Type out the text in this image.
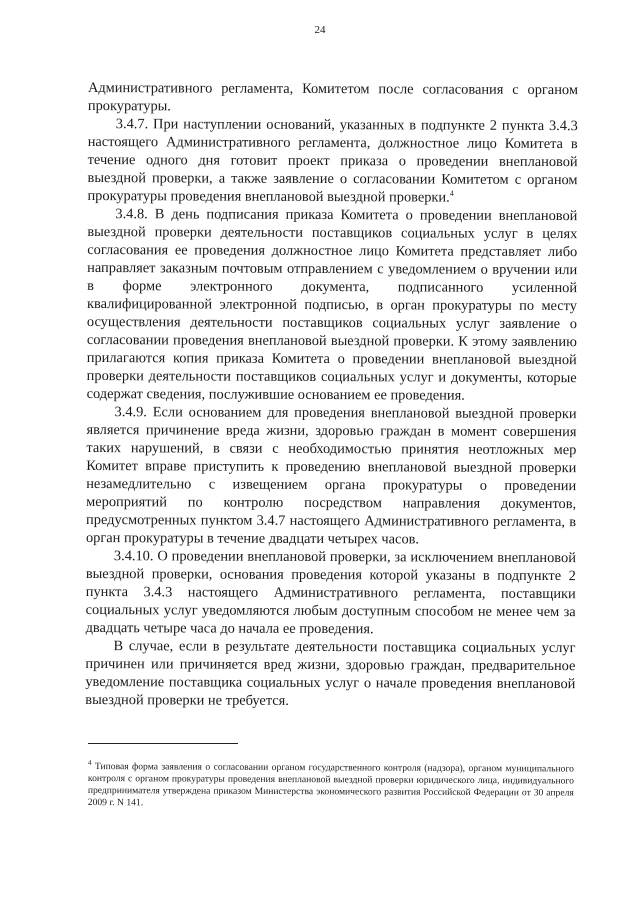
24

Административного регламента, Комитетом после согласования с органом прокуратуры.

3.4.7. При наступлении оснований, указанных в подпункте 2 пункта 3.4.3 настоящего Административного регламента, должностное лицо Комитета в течение одного дня готовит проект приказа о проведении внеплановой выездной проверки, а также заявление о согласовании Комитетом с органом прокуратуры проведения внеплановой выездной проверки.$^4$

3.4.8. В день подписания приказа Комитета о проведении внеплановой выездной проверки деятельности поставщиков социальных услуг в целях согласования ее проведения должностное лицо Комитета представляет либо направляет заказным почтовым отправлением с уведомлением о вручении или в форме электронного документа, подписанного усиленной квалифицированной электронной подписью, в орган прокуратуры по месту осуществления деятельности поставщиков социальных услуг заявление о согласовании проведения внеплановой выездной проверки. К этому заявлению прилагаются копия приказа Комитета о проведении внеплановой выездной проверки деятельности поставщиков социальных услуг и документы, которые содержат сведения, послужившие основанием ее проведения.

3.4.9. Если основанием для проведения внеплановой выездной проверки является причинение вреда жизни, здоровью граждан в момент совершения таких нарушений, в связи с необходимостью принятия неотложных мер Комитет вправе приступить к проведению внеплановой выездной проверки незамедлительно с извещением органа прокуратуры о проведении мероприятий по контролю посредством направления документов, предусмотренных пунктом 3.4.7 настоящего Административного регламента, в орган прокуратуры в течение двадцати четырех часов.

3.4.10. О проведении внеплановой проверки, за исключением внеплановой выездной проверки, основания проведения которой указаны в подпункте 2 пункта 3.4.3 настоящего Административного регламента, поставщики социальных услуг уведомляются любым доступным способом не менее чем за двадцать четыре часа до начала ее проведения.

В случае, если в результате деятельности поставщика социальных услуг причинен или причиняется вред жизни, здоровью граждан, предварительное уведомление поставщика социальных услуг о начале проведения внеплановой выездной проверки не требуется.

$^4$ Типовая форма заявления о согласовании органом государственного контроля (надзора), органом муниципального контроля с органом прокуратуры проведения внеплановой выездной проверки юридического лица, индивидуального предпринимателя утверждена приказом Министерства экономического развития Российской Федерации от 30 апреля 2009 г. N 141.
